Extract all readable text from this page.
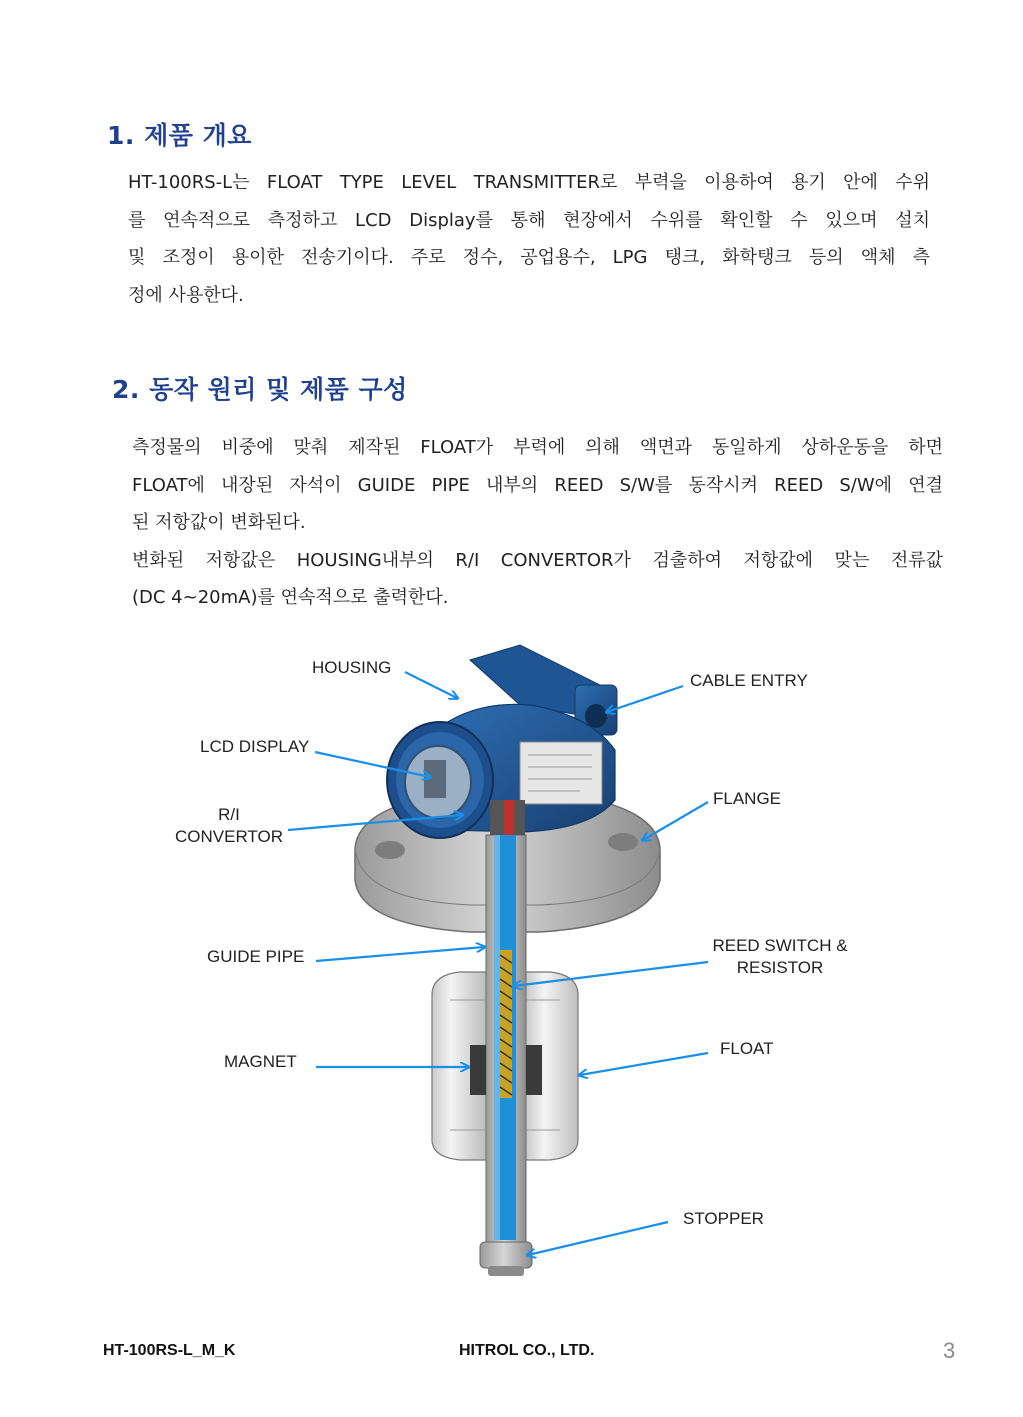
1. 제품 개요
HT-100RS-L는 FLOAT TYPE LEVEL TRANSMITTER로 부력을 이용하여 용기 안에 수위
를 연속적으로 측정하고 LCD Display를 통해 현장에서 수위를 확인할 수 있으며 설치
및 조정이 용이한 전송기이다. 주로 정수, 공업용수, LPG 탱크, 화학탱크 등의 액체 측
정에 사용한다.
2. 동작 원리 및 제품 구성
측정물의 비중에 맞춰 제작된 FLOAT가 부력에 의해 액면과 동일하게 상하운동을 하면
FLOAT에 내장된 자석이 GUIDE PIPE 내부의 REED S/W를 동작시켜 REED S/W에 연결
된 저항값이 변화된다.
변화된 저항값은 HOUSING내부의 R/I CONVERTOR가 검출하여 저항값에 맞는 전류값
(DC 4~20mA)를 연속적으로 출력한다.
HOUSING
CABLE ENTRY
LCD DISPLAY
R/I
CONVERTOR
FLANGE
GUIDE PIPE
REED SWITCH &
RESISTOR
MAGNET
FLOAT
STOPPER
HT-100RS-L_M_K	HITROL CO., LTD.	3
